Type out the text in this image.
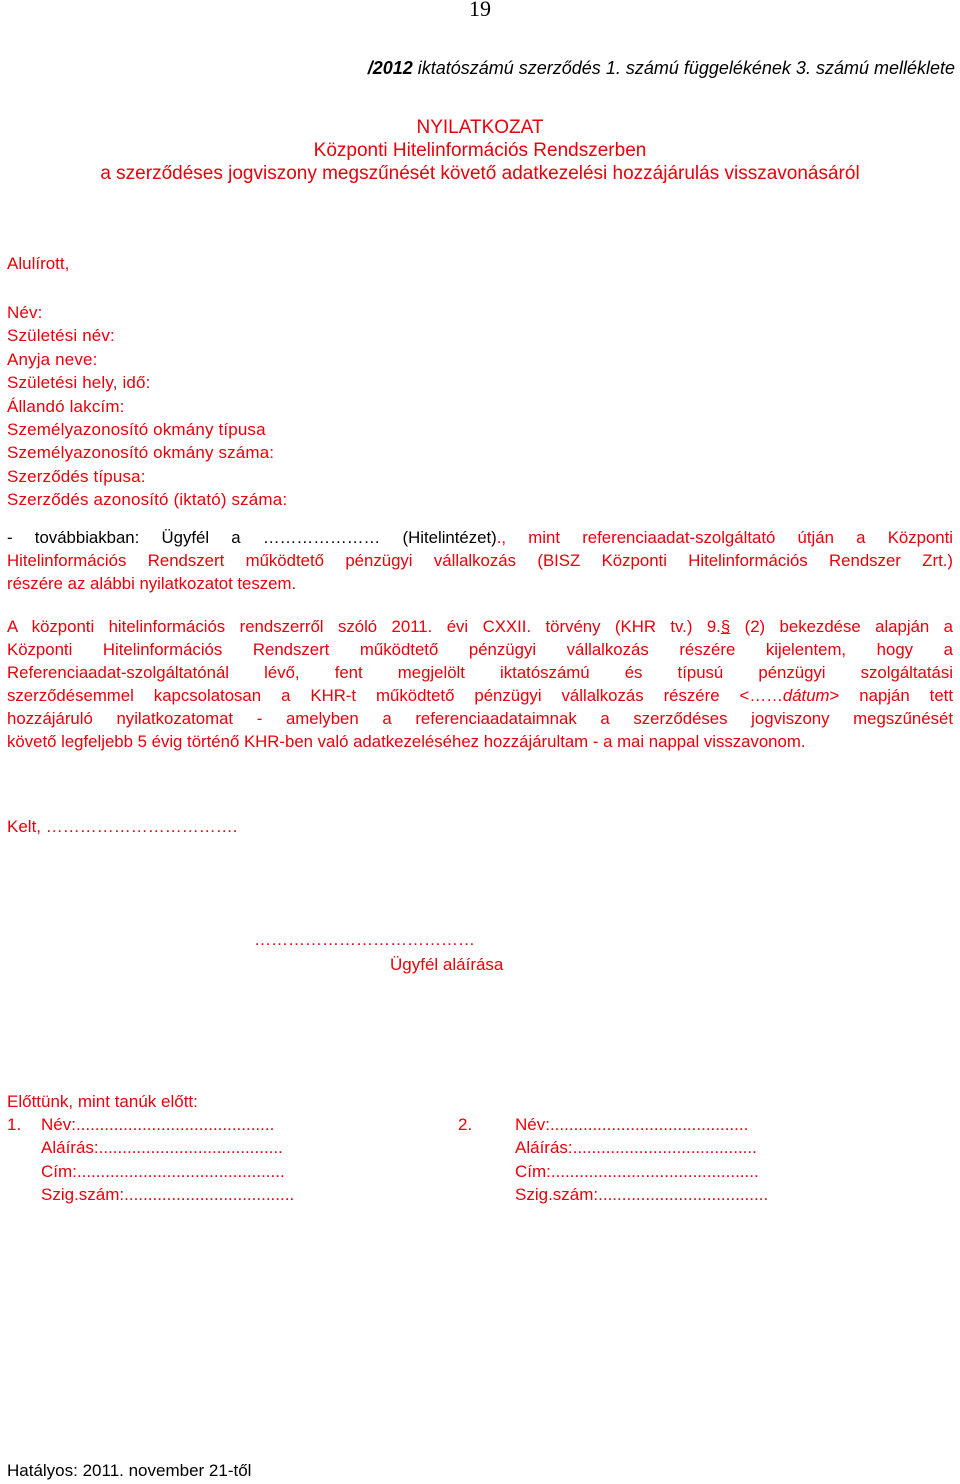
19
/2012 iktatószámú szerződés 1. számú függelékének 3. számú melléklete
NYILATKOZAT
Központi Hitelinformációs Rendszerben
a szerződéses jogviszony megszűnését követő adatkezelési hozzájárulás visszavonásáról
Alulírott,
Név:
Születési név:
Anyja neve:
Születési hely, idő:
Állandó lakcím:
Személyazonosító okmány típusa
Személyazonosító okmány száma:
Szerződés típusa:
Szerződés azonosító (iktató) száma:
- továbbiakban: Ügyfél a ………………… (Hitelintézet)., mint referenciaadat-szolgáltató útján a Központi
Hitelinformációs Rendszert működtető pénzügyi vállalkozás (BISZ Központi Hitelinformációs Rendszer Zrt.)
részére az alábbi nyilatkozatot teszem.
A központi hitelinformációs rendszerről szóló 2011. évi CXXII. törvény (KHR tv.) 9.§ (2) bekezdése alapján a
Központi Hitelinformációs Rendszert működtető pénzügyi vállalkozás részére kijelentem, hogy a
Referenciaadat-szolgáltatónál lévő, fent megjelölt iktatószámú és típusú pénzügyi szolgáltatási
szerződésemmel kapcsolatosan a KHR-t működtető pénzügyi vállalkozás részére <……dátum> napján tett
hozzájáruló nyilatkozatomat - amelyben a referenciaadataimnak a szerződéses jogviszony megszűnését
követő legfeljebb 5 évig történő KHR-ben való adatkezeléséhez hozzájárultam - a mai nappal visszavonom.
Kelt, …………………………….
…………………………………
Ügyfél aláírása
Előttünk, mint tanúk előtt:
1. Név:..........................................
Aláírás:.......................................
Cím:............................................
Szig.szám:....................................
2.	Név:..........................................
Aláírás:.......................................
Cím:............................................
Szig.szám:....................................
Hatályos: 2011. november 21-től
